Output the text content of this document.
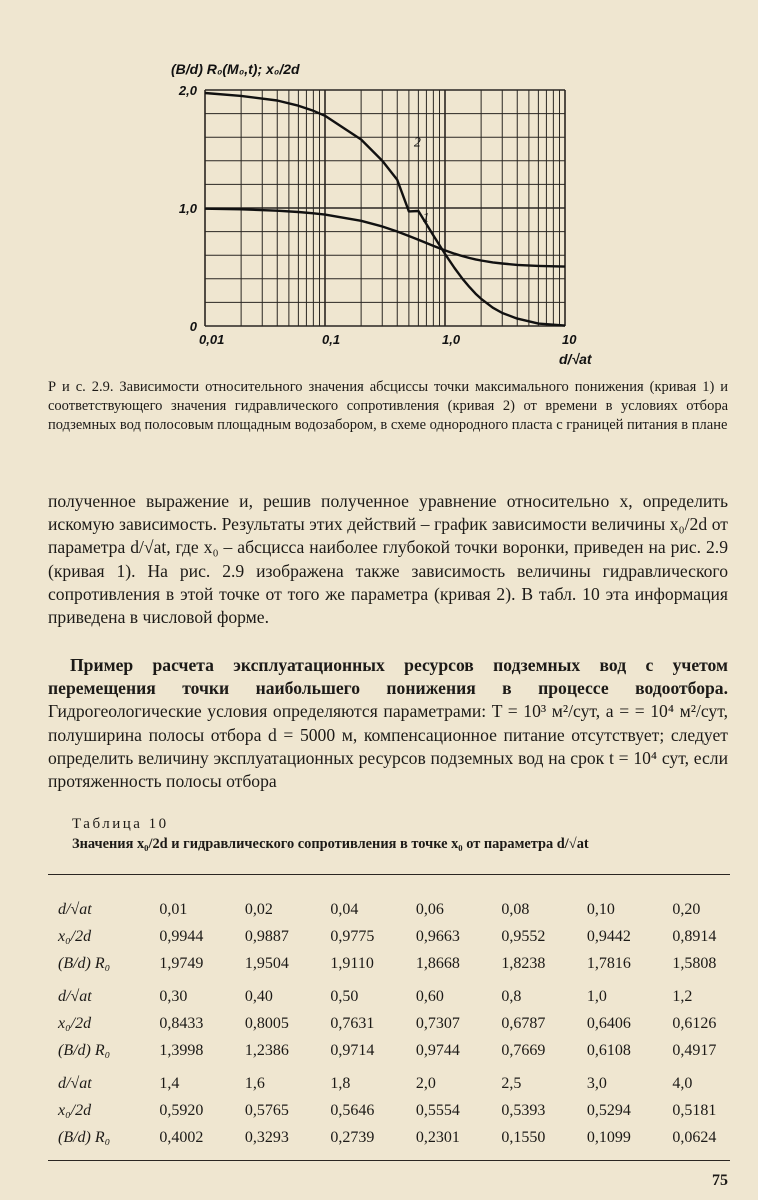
1
2
0,01	0,1	1,0	10
0
1,0
2,0
(B/d) R₀(M₀,t); x₀/2d
d/√at
Р и с. 2.9. Зависимости относительного значения абсциссы точки максимального понижения (кривая 1) и соответствующего значения гидравлического сопротивления (кривая 2) от времени в условиях отбора подземных вод полосовым площадным водозабором, в схеме однородного пласта с границей питания в плане

полученное выражение и, решив полученное уравнение относительно x, определить искомую зависимость. Результаты этих действий – график зависимости величины x₀/2d от параметра d/√at, где x₀ – абсцисса наиболее глубокой точки воронки, приведен на рис. 2.9 (кривая 1). На рис. 2.9 изображена также зависимость величины гидравлического сопротивления в этой точке от того же параметра (кривая 2). В табл. 10 эта информация приведена в числовой форме.

Пример расчета эксплуатационных ресурсов подземных вод с учетом перемещения точки наибольшего понижения в процессе водоотбора. Гидрогеологические условия определяются параметрами: T = 10³ м²/сут, a = = 10⁴ м²/сут, полуширина полосы отбора d = 5000 м, компенсационное питание отсутствует; следует определить величину эксплуатационных ресурсов подземных вод на срок t = 10⁴ сут, если протяженность полосы отбора

Таблица 10
Значения x₀/2d и гидравлического сопротивления в точке x₀ от параметра d/√at
d/√at	0,01	0,02	0,04	0,06	0,08	0,10	0,20
x₀/2d	0,9944	0,9887	0,9775	0,9663	0,9552	0,9442	0,8914
(B/d) R₀	1,9749	1,9504	1,9110	1,8668	1,8238	1,7816	1,5808
d/√at	0,30	0,40	0,50	0,60	0,8	1,0	1,2
x₀/2d	0,8433	0,8005	0,7631	0,7307	0,6787	0,6406	0,6126
(B/d) R₀	1,3998	1,2386	0,9714	0,9744	0,7669	0,6108	0,4917
d/√at	1,4	1,6	1,8	2,0	2,5	3,0	4,0
x₀/2d	0,5920	0,5765	0,5646	0,5554	0,5393	0,5294	0,5181
(B/d) R₀	0,4002	0,3293	0,2739	0,2301	0,1550	0,1099	0,0624
75
